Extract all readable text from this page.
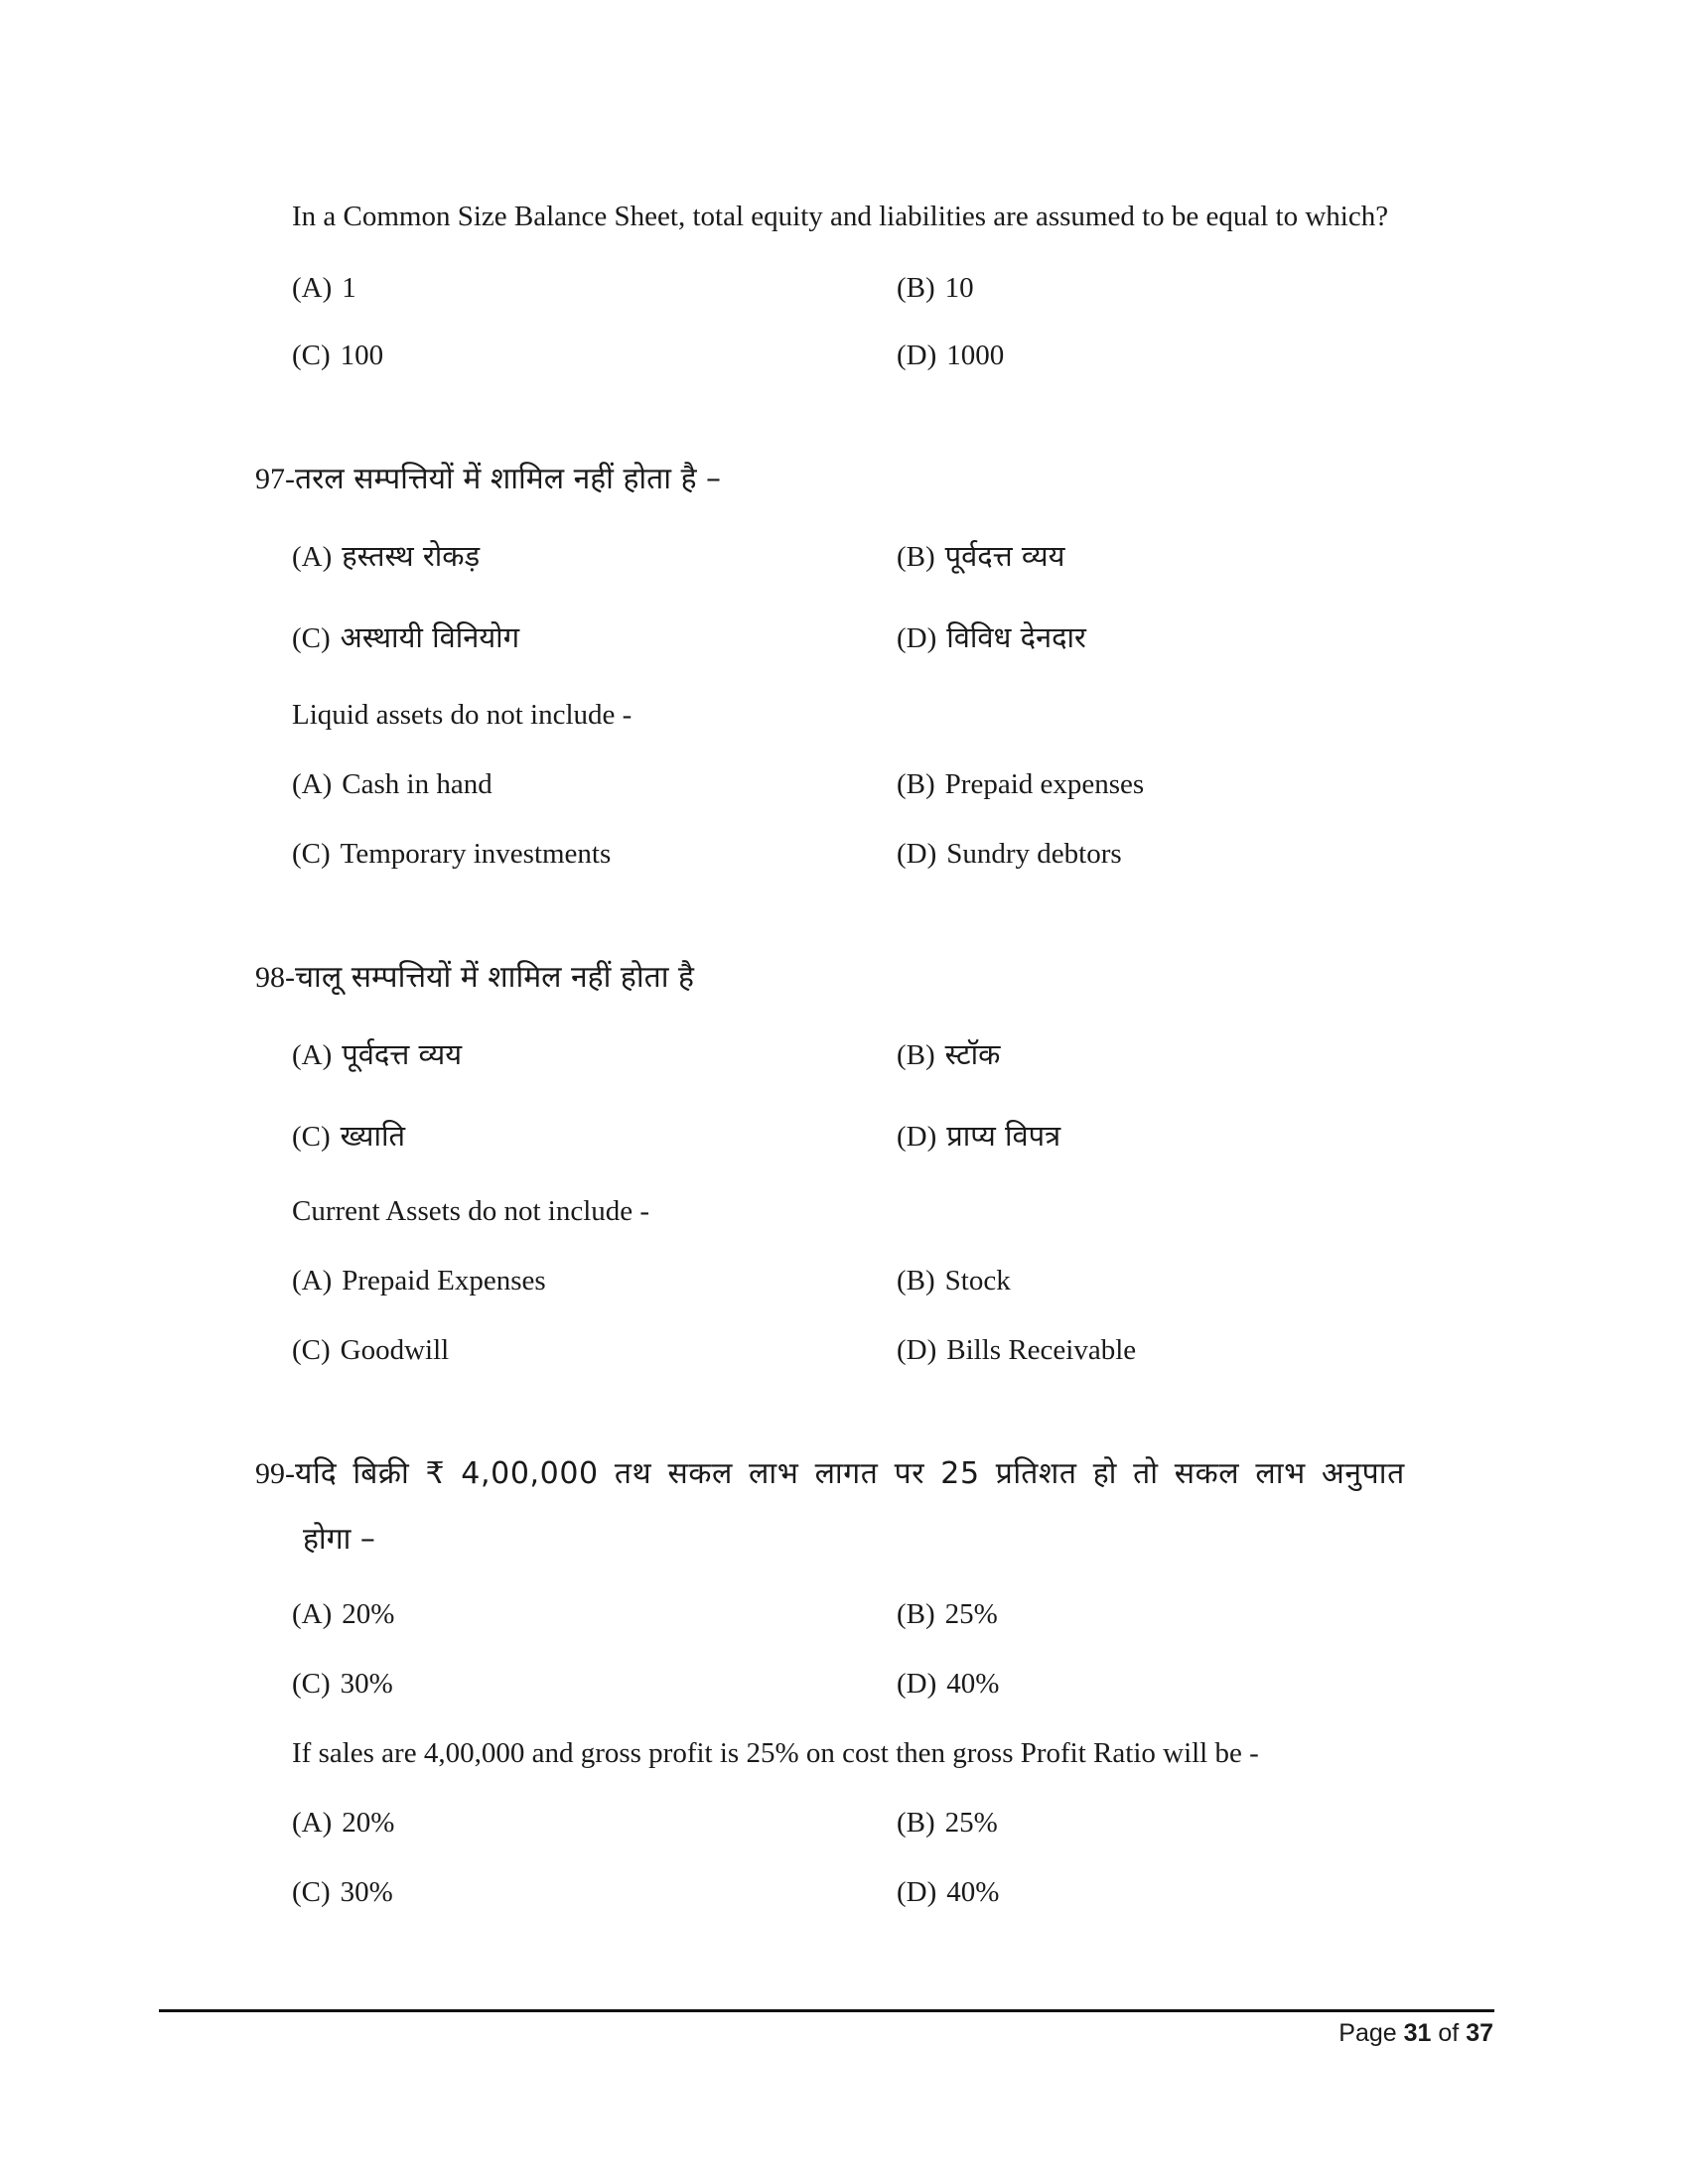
In a Common Size Balance Sheet, total equity and liabilities are assumed to be equal to which?
(A) 1	(B) 10
(C) 100	(D) 1000
97-तरल सम्पत्तियों में शामिल नहीं होता है –
(A) हस्तस्थ रोकड़	(B) पूर्वदत्त व्यय
(C) अस्थायी विनियोग	(D) विविध देनदार
Liquid assets do not include -
(A) Cash in hand	(B) Prepaid expenses
(C) Temporary investments	(D) Sundry debtors
98-चालू सम्पत्तियों में शामिल नहीं होता है
(A) पूर्वदत्त व्यय	(B) स्टॉक
(C) ख्याति	(D) प्राप्य विपत्र
Current Assets do not include -
(A) Prepaid Expenses	(B) Stock
(C) Goodwill	(D) Bills Receivable
99-यदि बिक्री ₹ 4,00,000 तथ सकल लाभ लागत पर 25 प्रतिशत हो तो सकल लाभ अनुपात
होगा –
(A) 20%	(B) 25%
(C) 30%	(D) 40%
If sales are 4,00,000 and gross profit is 25% on cost then gross Profit Ratio will be -
(A) 20%	(B) 25%
(C) 30%	(D) 40%
Page 31 of 37
